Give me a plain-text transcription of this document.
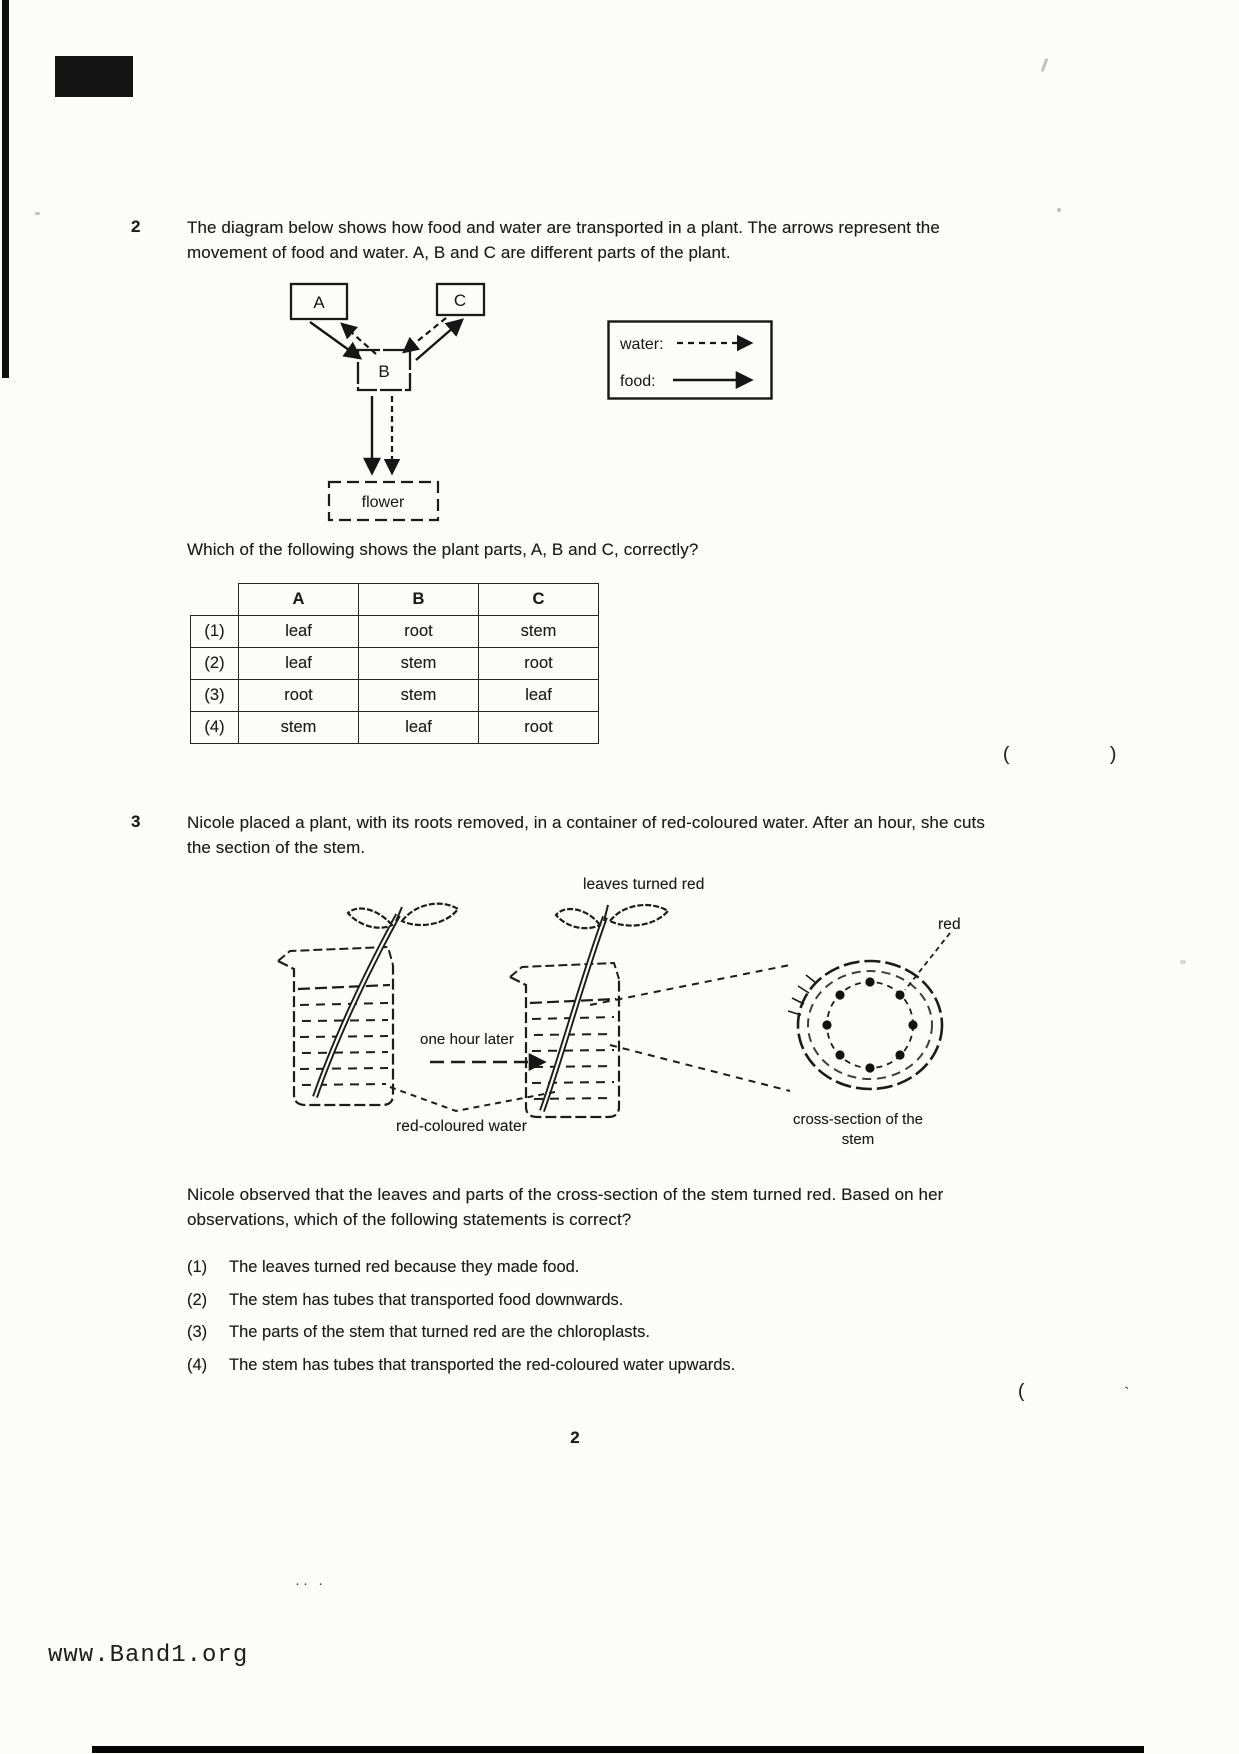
2	The diagram below shows how food and water are transported in a plant. The arrows represent the movement of food and water. A, B and C are different parts of the plant.
A	C
B
flower
water:
food:
Which of the following shows the plant parts, A, B and C, correctly?
	A	B	C
(1)	leaf	root	stem
(2)	leaf	stem	root
(3)	root	stem	leaf
(4)	stem	leaf	root
(	)
3	Nicole placed a plant, with its roots removed, in a container of red-coloured water. After an hour, she cuts the section of the stem.
leaves turned red
one hour later
red
red-coloured water	cross-section of the
stem
Nicole observed that the leaves and parts of the cross-section of the stem turned red. Based on her observations, which of the following statements is correct?
(1)	The leaves turned red because they made food.
(2)	The stem has tubes that transported food downwards.
(3)	The parts of the stem that turned red are the chloroplasts.
(4)	The stem has tubes that transported the red-coloured water upwards.
(	ˋ
2
·· ·
www.Band1.org
